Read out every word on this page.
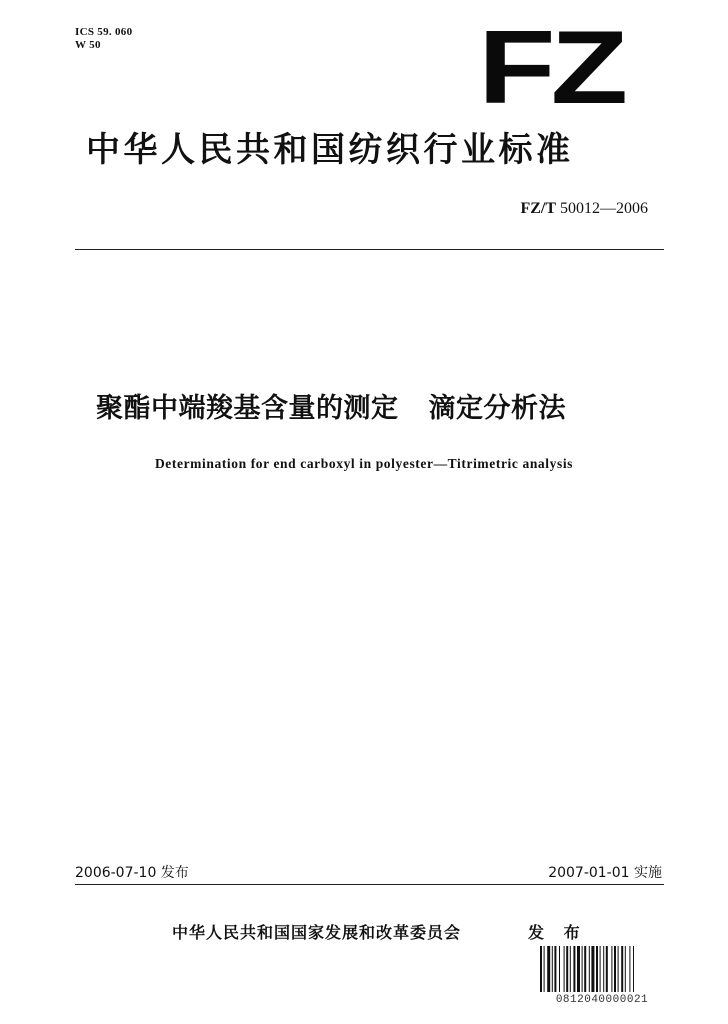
ICS 59. 060
W 50	FZ
中华人民共和国纺织行业标准
FZ/T 50012—2006
聚酯中端羧基含量的测定 滴定分析法
Determination for end carboxyl in polyester—Titrimetric analysis
2006-07-10 发布	2007-01-01 实施
中华人民共和国国家发展和改革委员会	发 布
0812040000021
